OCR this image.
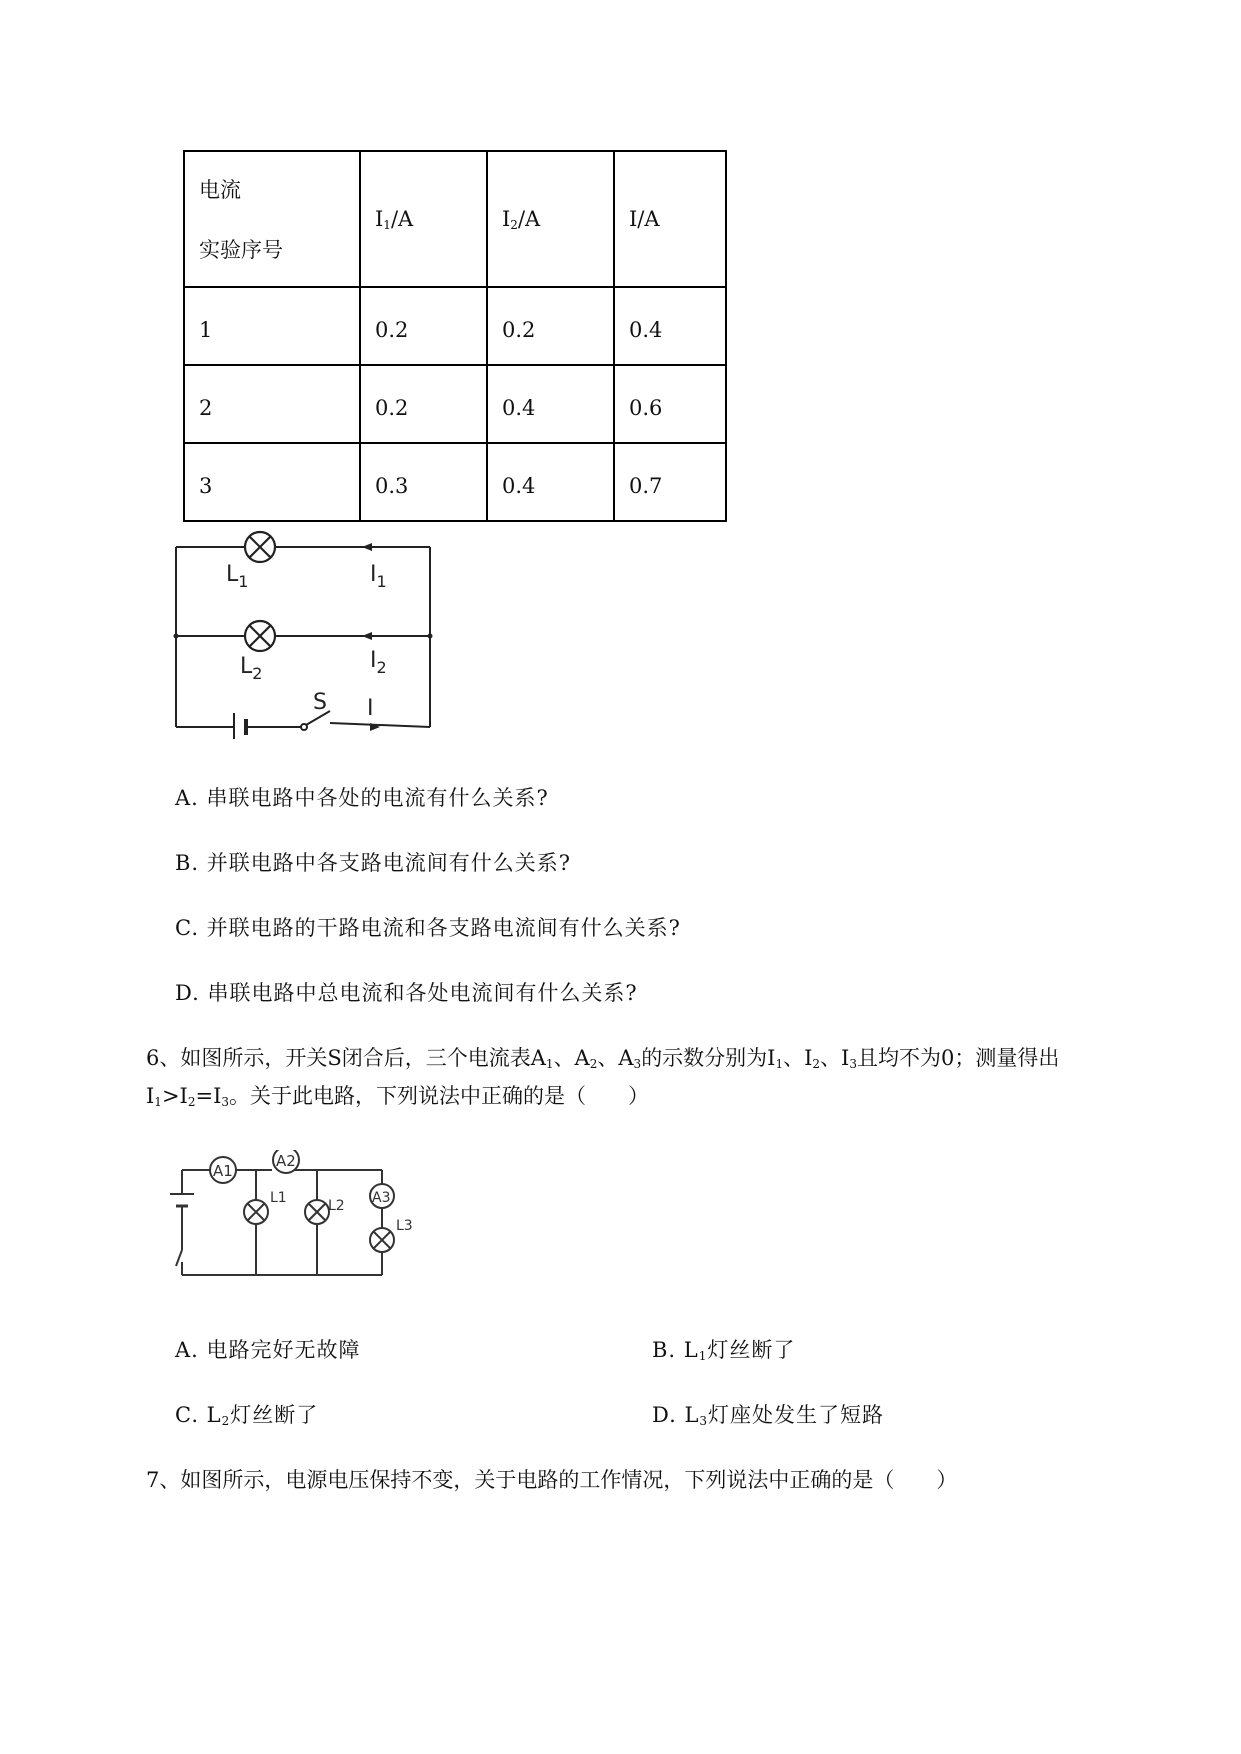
电流
实验序号	$I_1/A$	$I_2/A$	I/A
1	0.2	0.2	0.4
2	0.2	0.4	0.6
3	0.3	0.4	0.7
$L_1$	$I_1$
$L_2$
$I_2$
S I
A. 串联电路中各处的电流有什么关系?
B. 并联电路中各支路电流间有什么关系?
C. 并联电路的干路电流和各支路电流间有什么关系?
D. 串联电路中总电流和各处电流间有什么关系?
6、如图所示，开关S闭合后，三个电流表$A_1$、$A_2$、$A_3$的示数分别为$I_1$、$I_2$、$I_3$且均不为0；测量得出
$I_1>I_2=I_3$。关于此电路，下列说法中正确的是（　　）
A1
A2
A3
L1	L2
L3
A. 电路完好无故障	B. $L_1$灯丝断了
C. $L_2$灯丝断了	D. $L_3$灯座处发生了短路
7、如图所示，电源电压保持不变，关于电路的工作情况，下列说法中正确的是（　　）
